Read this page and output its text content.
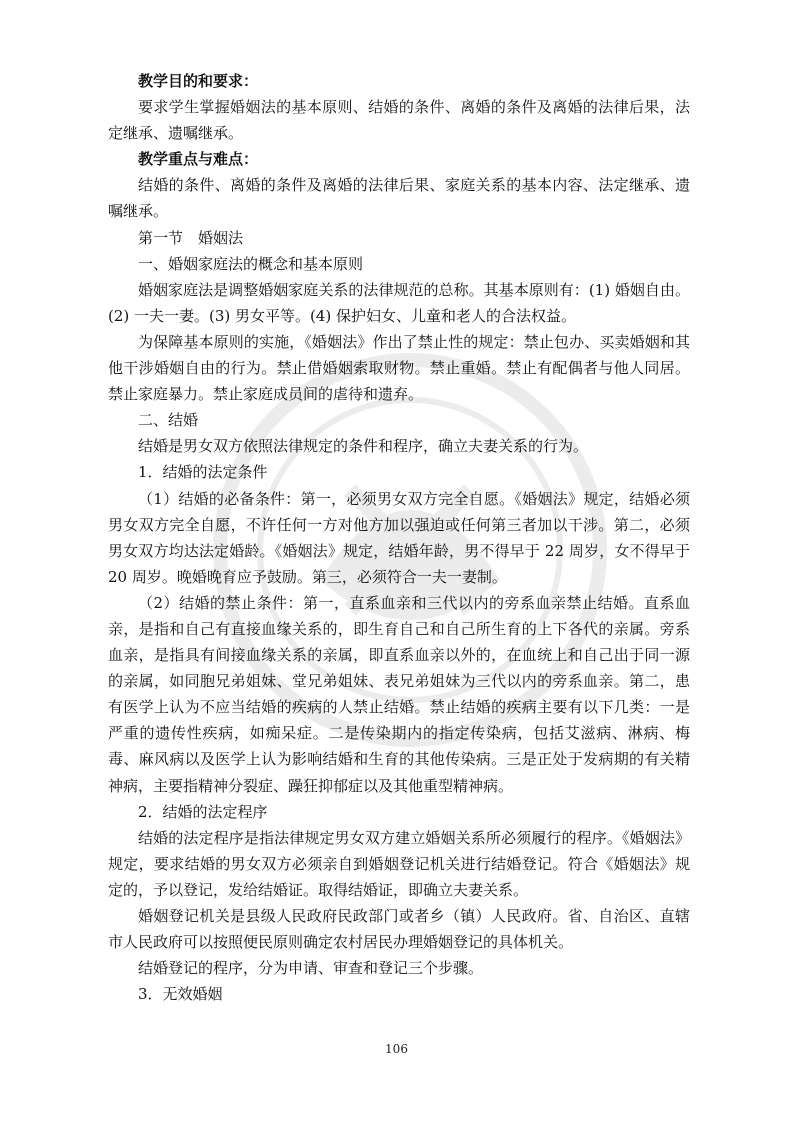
教学目的和要求：

要求学生掌握婚姻法的基本原则、结婚的条件、离婚的条件及离婚的法律后果，法定继承、遗嘱继承。

教学重点与难点：

结婚的条件、离婚的条件及离婚的法律后果、家庭关系的基本内容、法定继承、遗嘱继承。

第一节　婚姻法

一、婚姻家庭法的概念和基本原则

婚姻家庭法是调整婚姻家庭关系的法律规范的总称。其基本原则有：(1) 婚姻自由。(2) 一夫一妻。(3) 男女平等。(4) 保护妇女、儿童和老人的合法权益。

为保障基本原则的实施，《婚姻法》作出了禁止性的规定：禁止包办、买卖婚姻和其他干涉婚姻自由的行为。禁止借婚姻索取财物。禁止重婚。禁止有配偶者与他人同居。禁止家庭暴力。禁止家庭成员间的虐待和遗弃。

二、结婚

结婚是男女双方依照法律规定的条件和程序，确立夫妻关系的行为。

1．结婚的法定条件

（1）结婚的必备条件：第一，必须男女双方完全自愿。《婚姻法》规定，结婚必须男女双方完全自愿，不许任何一方对他方加以强迫或任何第三者加以干涉。第二，必须男女双方均达法定婚龄。《婚姻法》规定，结婚年龄，男不得早于 22 周岁，女不得早于 20 周岁。晚婚晚育应予鼓励。第三，必须符合一夫一妻制。

（2）结婚的禁止条件：第一，直系血亲和三代以内的旁系血亲禁止结婚。直系血亲，是指和自己有直接血缘关系的，即生育自己和自己所生育的上下各代的亲属。旁系血亲，是指具有间接血缘关系的亲属，即直系血亲以外的，在血统上和自己出于同一源的亲属，如同胞兄弟姐妹、堂兄弟姐妹、表兄弟姐妹为三代以内的旁系血亲。第二，患有医学上认为不应当结婚的疾病的人禁止结婚。禁止结婚的疾病主要有以下几类：一是严重的遗传性疾病，如痴呆症。二是传染期内的指定传染病，包括艾滋病、淋病、梅毒、麻风病以及医学上认为影响结婚和生育的其他传染病。三是正处于发病期的有关精神病，主要指精神分裂症、躁狂抑郁症以及其他重型精神病。

2．结婚的法定程序

结婚的法定程序是指法律规定男女双方建立婚姻关系所必须履行的程序。《婚姻法》规定，要求结婚的男女双方必须亲自到婚姻登记机关进行结婚登记。符合《婚姻法》规定的，予以登记，发给结婚证。取得结婚证，即确立夫妻关系。

婚姻登记机关是县级人民政府民政部门或者乡（镇）人民政府。省、自治区、直辖市人民政府可以按照便民原则确定农村居民办理婚姻登记的具体机关。

结婚登记的程序，分为申请、审查和登记三个步骤。

3．无效婚姻

106
